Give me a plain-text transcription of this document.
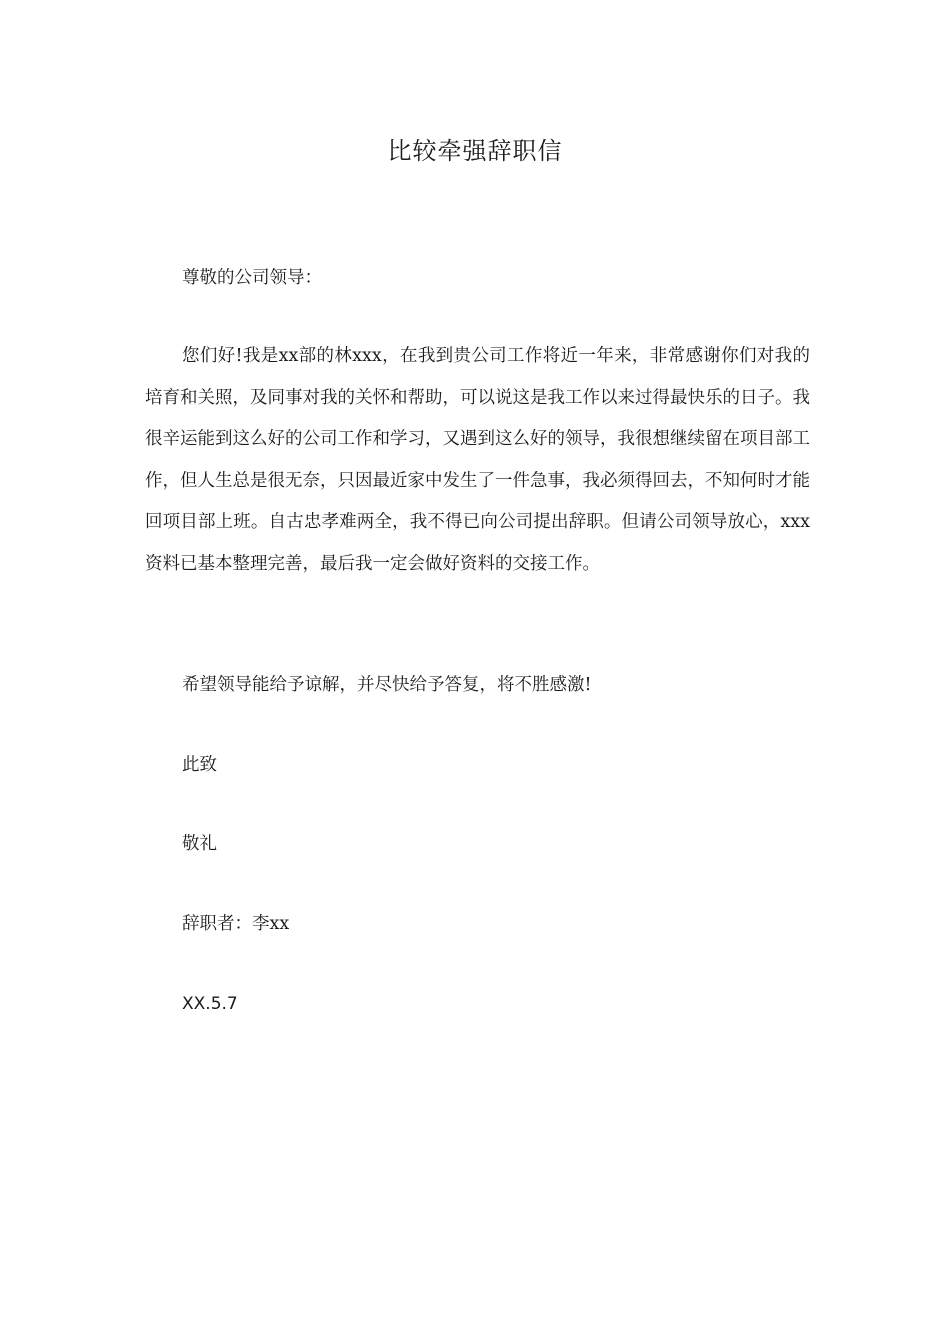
比较牵强辞职信

尊敬的公司领导：

您们好!我是xx部的林xxx，在我到贵公司工作将近一年来，非常感谢你们对我的培育和关照，及同事对我的关怀和帮助，可以说这是我工作以来过得最快乐的日子。我很辛运能到这么好的公司工作和学习，又遇到这么好的领导，我很想继续留在项目部工作，但人生总是很无奈，只因最近家中发生了一件急事，我必须得回去，不知何时才能回项目部上班。自古忠孝难两全，我不得已向公司提出辞职。但请公司领导放心，xxx资料已基本整理完善，最后我一定会做好资料的交接工作。

希望领导能给予谅解，并尽快给予答复，将不胜感激!

此致

敬礼

辞职者：李xx

XX.5.7
